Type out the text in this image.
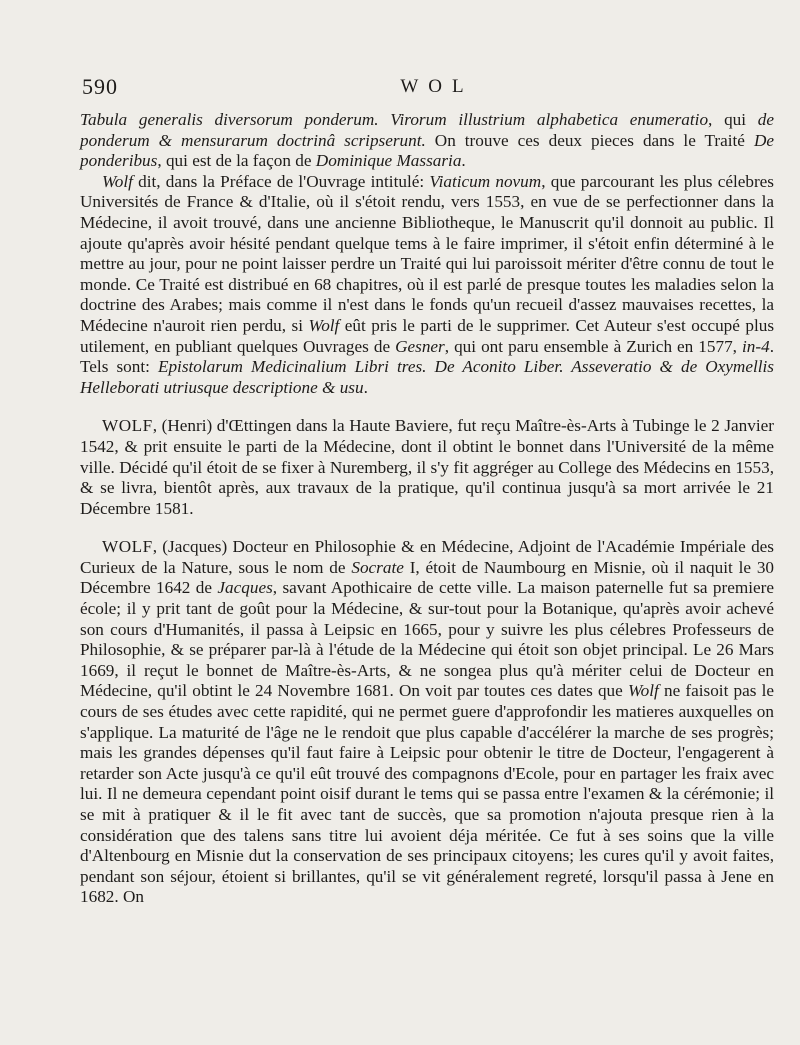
590	WOL

Tabula generalis diversorum ponderum. Virorum illustrium alphabetica enumeratio, qui de ponderum & mensurarum doctrinâ scripserunt. On trouve ces deux pieces dans le Traité De ponderibus, qui est de la façon de Dominique Massaria.

Wolf dit, dans la Préface de l'Ouvrage intitulé: Viaticum novum, que parcourant les plus célebres Universités de France & d'Italie, où il s'étoit rendu, vers 1553, en vue de se perfectionner dans la Médecine, il avoit trouvé, dans une ancienne Bibliotheque, le Manuscrit qu'il donnoit au public. Il ajoute qu'après avoir hésité pendant quelque tems à le faire imprimer, il s'étoit enfin déterminé à le mettre au jour, pour ne point laisser perdre un Traité qui lui paroissoit mériter d'être connu de tout le monde. Ce Traité est distribué en 68 chapitres, où il est parlé de presque toutes les maladies selon la doctrine des Arabes; mais comme il n'est dans le fonds qu'un recueil d'assez mauvaises recettes, la Médecine n'auroit rien perdu, si Wolf eût pris le parti de le supprimer. Cet Auteur s'est occupé plus utilement, en publiant quelques Ouvrages de Gesner, qui ont paru ensemble à Zurich en 1577, in-4. Tels sont: Epistolarum Medicinalium Libri tres. De Aconito Liber. Asseveratio & de Oxymellis Helleborati utriusque descriptione & usu.

WOLF, (Henri) d'Œttingen dans la Haute Baviere, fut reçu Maître-ès-Arts à Tubinge le 2 Janvier 1542, & prit ensuite le parti de la Médecine, dont il obtint le bonnet dans l'Université de la même ville. Décidé qu'il étoit de se fixer à Nuremberg, il s'y fit aggréger au College des Médecins en 1553, & se livra, bientôt après, aux travaux de la pratique, qu'il continua jusqu'à sa mort arrivée le 21 Décembre 1581.

WOLF, (Jacques) Docteur en Philosophie & en Médecine, Adjoint de l'Académie Impériale des Curieux de la Nature, sous le nom de Socrate I, étoit de Naumbourg en Misnie, où il naquit le 30 Décembre 1642 de Jacques, savant Apothicaire de cette ville. La maison paternelle fut sa premiere école; il y prit tant de goût pour la Médecine, & sur-tout pour la Botanique, qu'après avoir achevé son cours d'Humanités, il passa à Leipsic en 1665, pour y suivre les plus célebres Professeurs de Philosophie, & se préparer par-là à l'étude de la Médecine qui étoit son objet principal. Le 26 Mars 1669, il reçut le bonnet de Maître-ès-Arts, & ne songea plus qu'à mériter celui de Docteur en Médecine, qu'il obtint le 24 Novembre 1681. On voit par toutes ces dates que Wolf ne faisoit pas le cours de ses études avec cette rapidité, qui ne permet guere d'approfondir les matieres auxquelles on s'applique. La maturité de l'âge ne le rendoit que plus capable d'accélérer la marche de ses progrès; mais les grandes dépenses qu'il faut faire à Leipsic pour obtenir le titre de Docteur, l'engagerent à retarder son Acte jusqu'à ce qu'il eût trouvé des compagnons d'Ecole, pour en partager les fraix avec lui. Il ne demeura cependant point oisif durant le tems qui se passa entre l'examen & la cérémonie; il se mit à pratiquer & il le fit avec tant de succès, que sa promotion n'ajouta presque rien à la considération que des talens sans titre lui avoient déja méritée. Ce fut à ses soins que la ville d'Altenbourg en Misnie dut la conservation de ses principaux citoyens; les cures qu'il y avoit faites, pendant son séjour, étoient si brillantes, qu'il se vit généralement regreté, lorsqu'il passa à Jene en 1682. On
